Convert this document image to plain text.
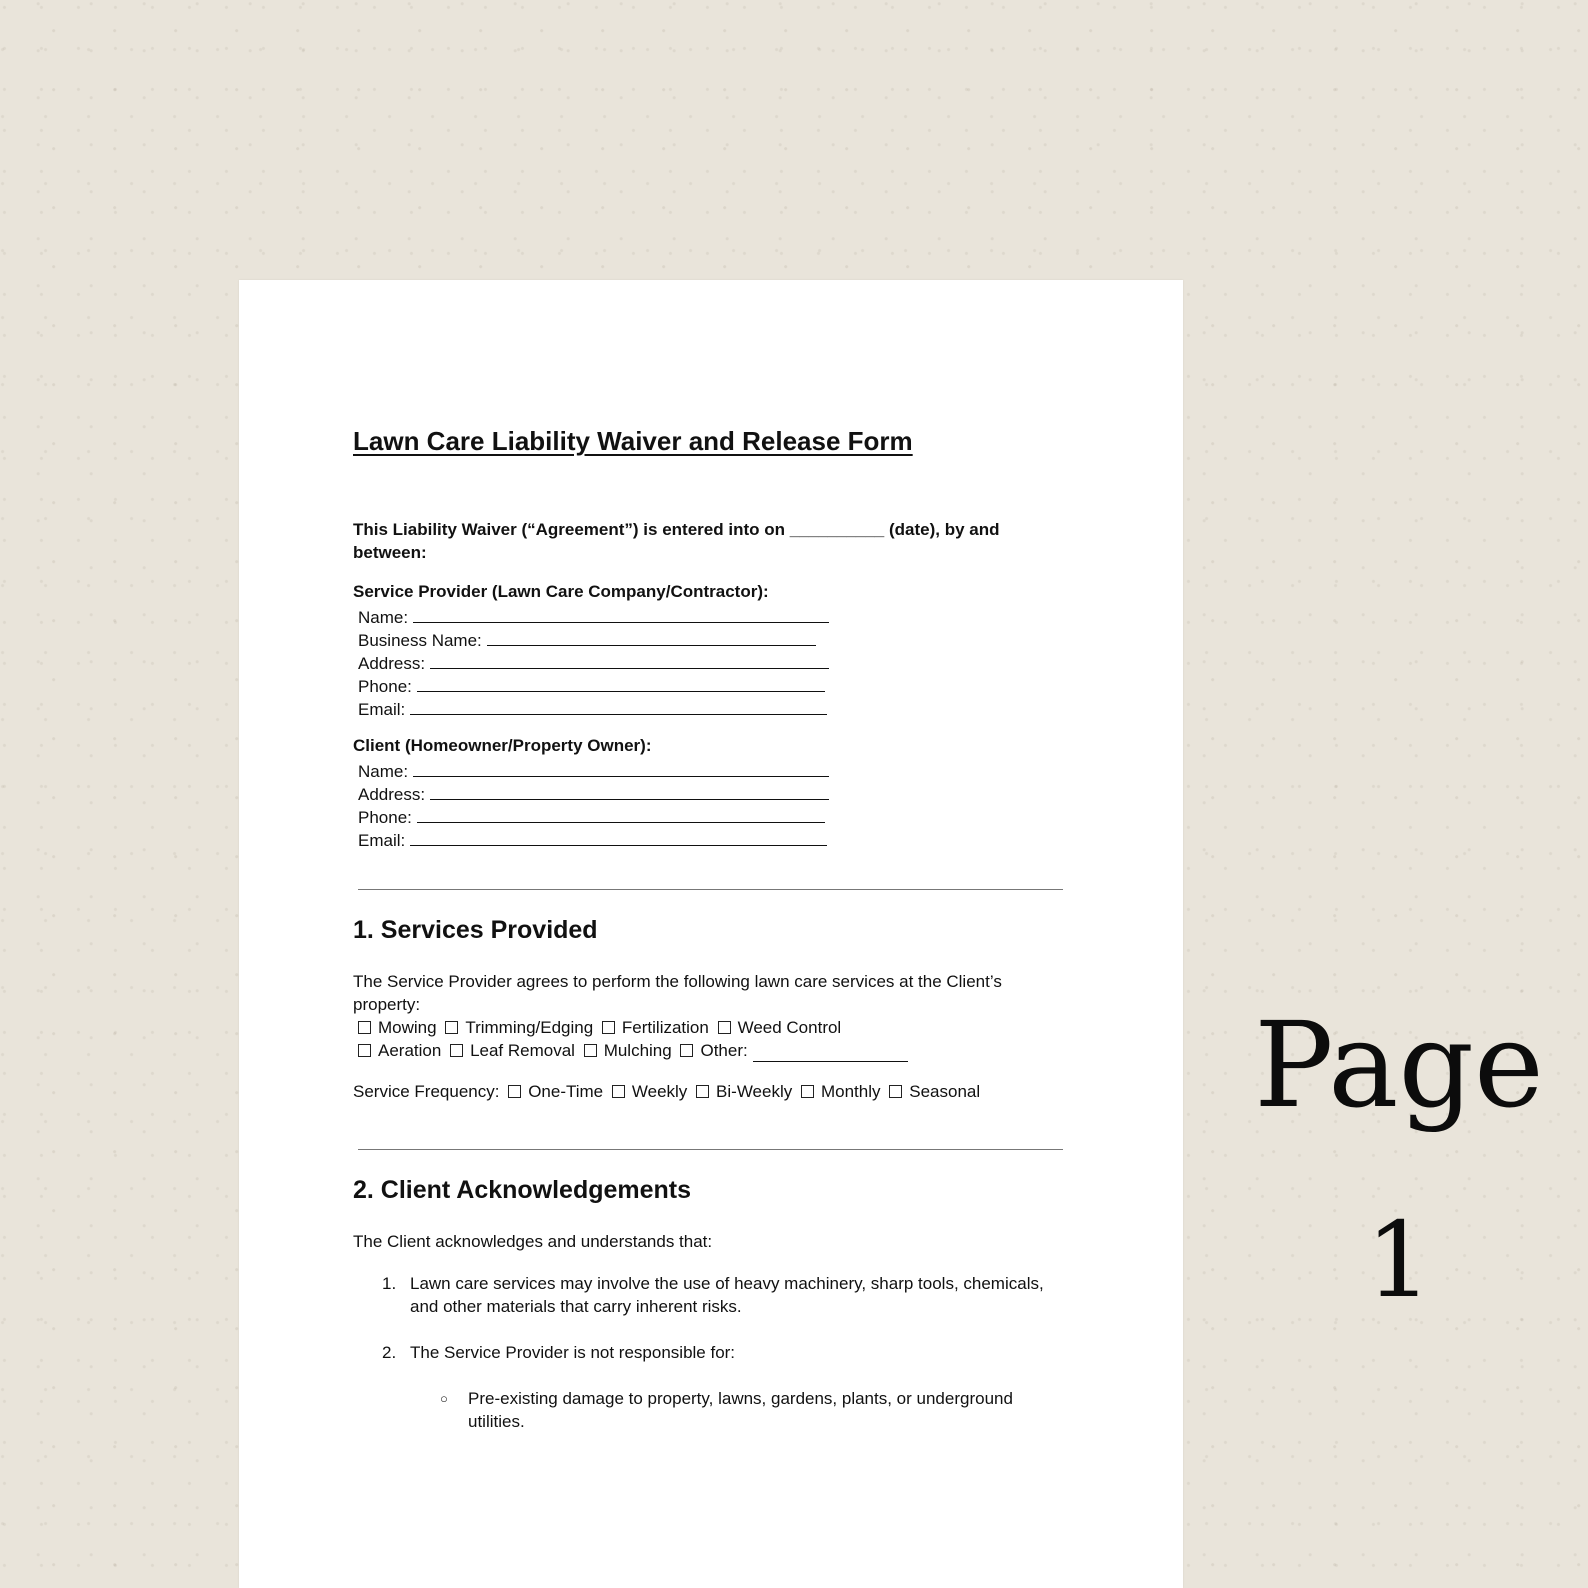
Lawn Care Liability Waiver and Release Form
This Liability Waiver (“Agreement”) is entered into on __________ (date), by and between:
Service Provider (Lawn Care Company/Contractor):
Name:
Business Name:
Address:
Phone:
Email:
Client (Homeowner/Property Owner):
Name:
Address:
Phone:
Email:
1. Services Provided
The Service Provider agrees to perform the following lawn care services at the Client’s property:
Mowing Trimming/Edging Fertilization Weed Control
Aeration Leaf Removal Mulching Other:
Service Frequency: One-Time Weekly Bi-Weekly Monthly Seasonal
2. Client Acknowledgements
The Client acknowledges and understands that:
1. Lawn care services may involve the use of heavy machinery, sharp tools, chemicals, and other materials that carry inherent risks.
2. The Service Provider is not responsible for:
○	Pre-existing damage to property, lawns, gardens, plants, or underground utilities.
Page
1
